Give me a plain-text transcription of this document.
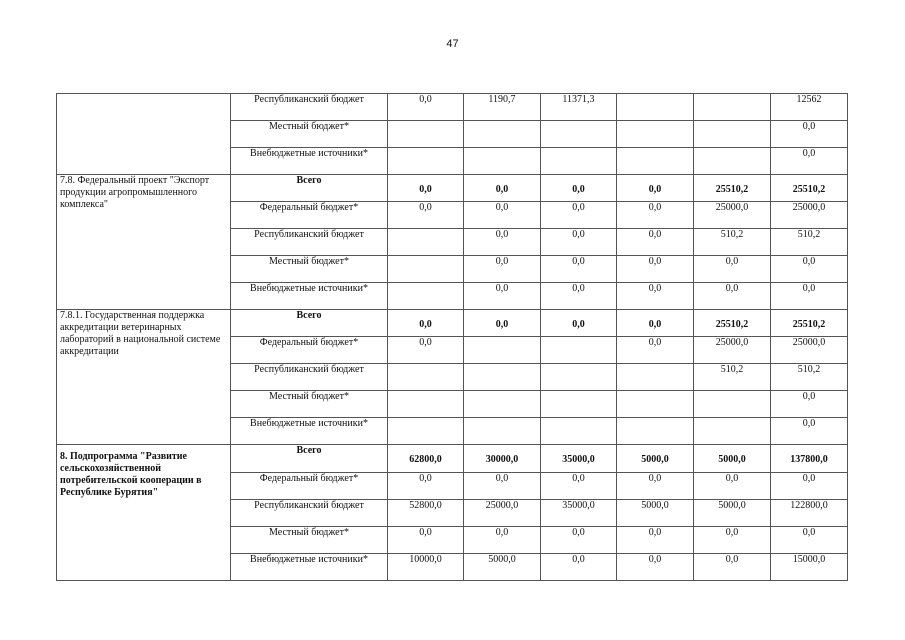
47
	Республиканский бюджет	0,0	1190,7	11371,3			12562
	Местный бюджет*						0,0
	Внебюджетные источники*						0,0
7.8. Федеральный проект "Экспорт продукции агропромышленного комплекса"	Всего	0,0	0,0	0,0	0,0	25510,2	25510,2
	Федеральный бюджет*	0,0	0,0	0,0	0,0	25000,0	25000,0
	Республиканский бюджет		0,0	0,0	0,0	510,2	510,2
	Местный бюджет*		0,0	0,0	0,0	0,0	0,0
	Внебюджетные источники*		0,0	0,0	0,0	0,0	0,0
7.8.1. Государственная поддержка аккредитации ветеринарных лабораторий в национальной системе аккредитации	Всего	0,0	0,0	0,0	0,0	25510,2	25510,2
	Федеральный бюджет*	0,0			0,0	25000,0	25000,0
	Республиканский бюджет					510,2	510,2
	Местный бюджет*						0,0
	Внебюджетные источники*						0,0
8. Подпрограмма "Развитие сельскохозяйственной потребительской кооперации в Республике Бурятия"	Всего	62800,0	30000,0	35000,0	5000,0	5000,0	137800,0
	Федеральный бюджет*	0,0	0,0	0,0	0,0	0,0	0,0
	Республиканский бюджет	52800,0	25000,0	35000,0	5000,0	5000,0	122800,0
	Местный бюджет*	0,0	0,0	0,0	0,0	0,0	0,0
	Внебюджетные источники*	10000,0	5000,0	0,0	0,0	0,0	15000,0
